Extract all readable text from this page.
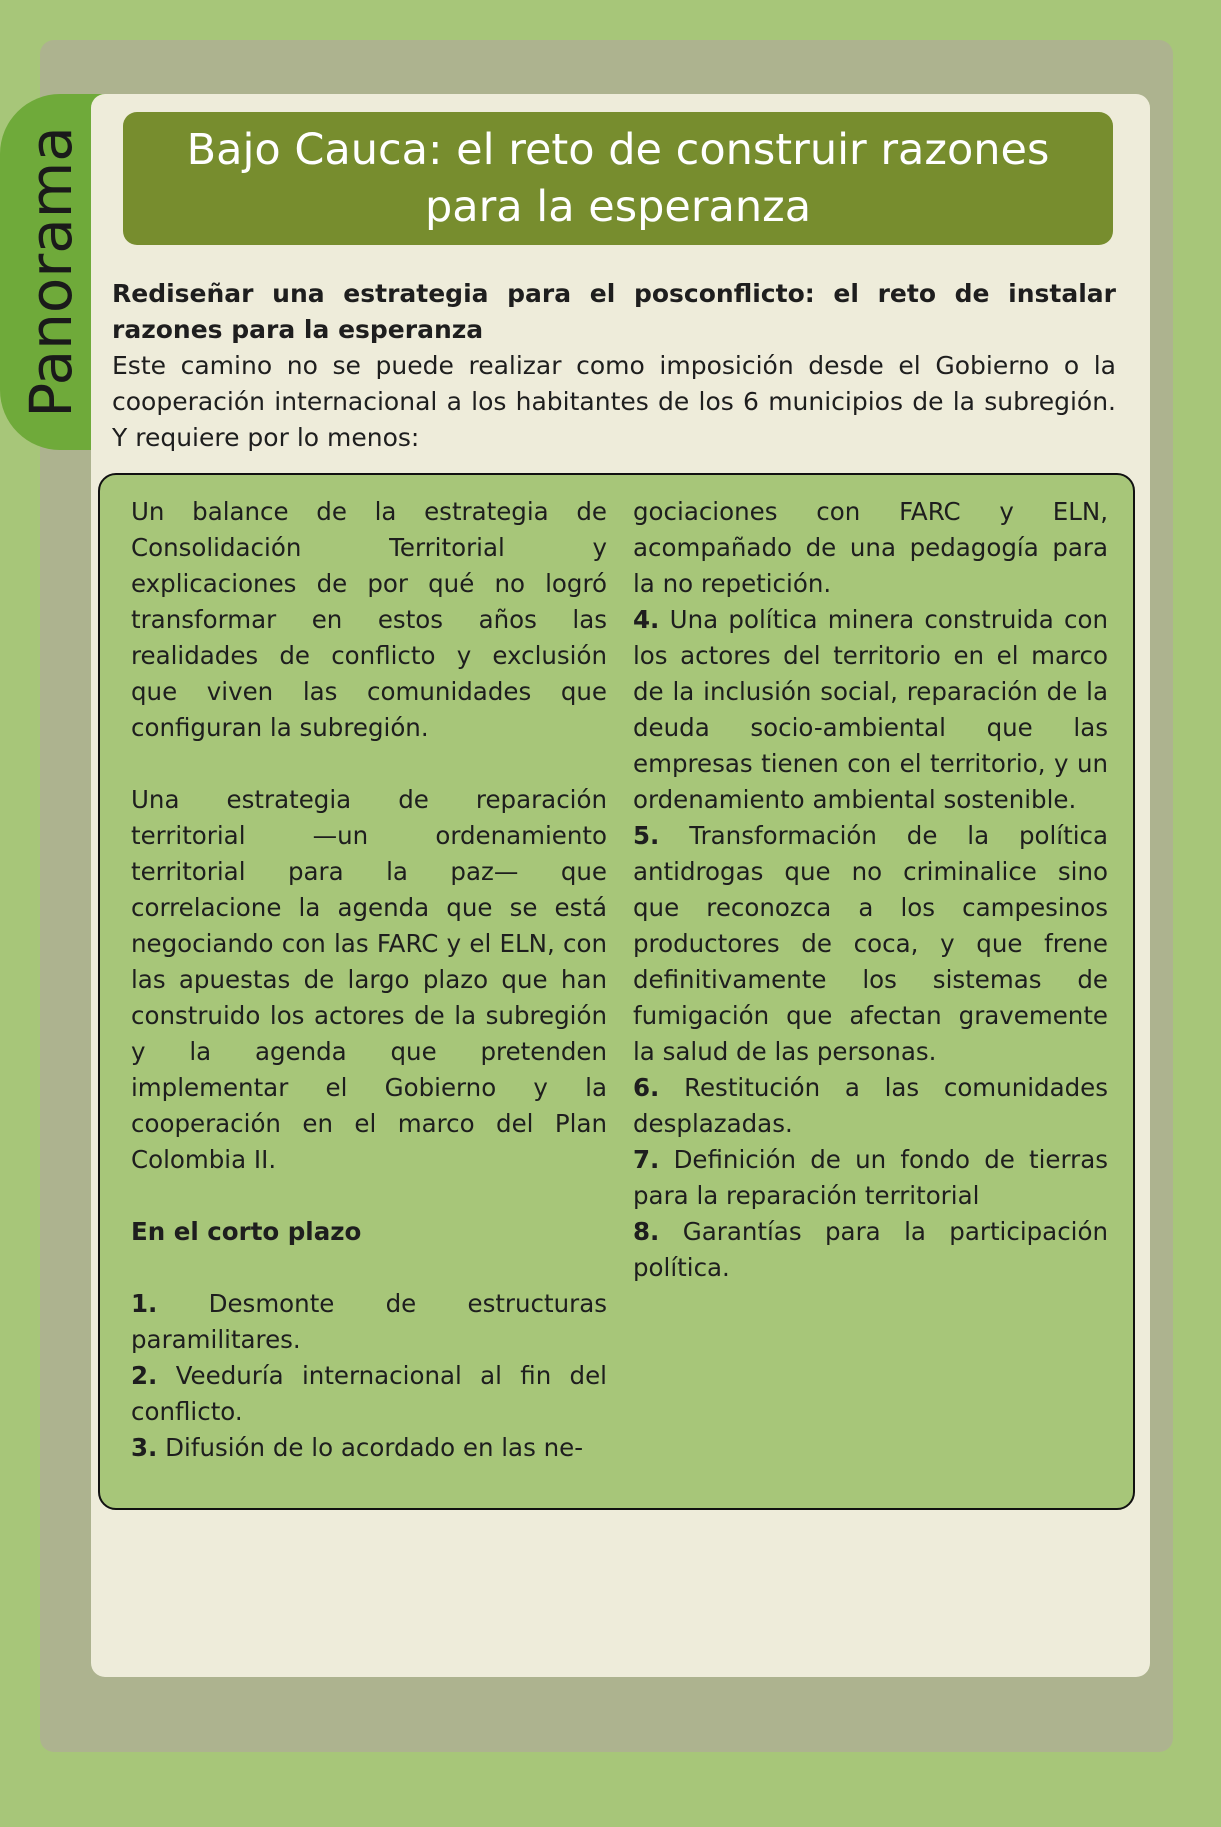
Panorama	Bajo Cauca: el reto de construir razones para la esperanza
Rediseñar una estrategia para el posconflicto: el reto de instalar razones para la esperanza
Este camino no se puede realizar como imposición desde el Gobierno o la cooperación internacional a los habitantes de los 6 municipios de la subregión. Y requiere por lo menos:

Un balance de la estrategia de Consolidación Territorial y explicaciones de por qué no logró transformar en estos años las realidades de conflicto y exclusión que viven las comunidades que configuran la subregión.

Una estrategia de reparación territorial —un ordenamiento territorial para la paz— que correlacione la agenda que se está negociando con las FARC y el ELN, con las apuestas de largo plazo que han construido los actores de la subregión y la agenda que pretenden implementar el Gobierno y la cooperación en el marco del Plan Colombia II.

En el corto plazo

1. Desmonte de estructuras paramilitares.

2. Veeduría internacional al fin del conflicto.

3. Difusión de lo acordado en las ne-

gociaciones con FARC y ELN, acompañado de una pedagogía para la no repetición.

4. Una política minera construida con los actores del territorio en el marco de la inclusión social, reparación de la deuda socio-ambiental que las empresas tienen con el territorio, y un ordenamiento ambiental sostenible.

5. Transformación de la política antidrogas que no criminalice sino que reconozca a los campesinos productores de coca, y que frene definitivamente los sistemas de fumigación que afectan gravemente la salud de las personas.

6. Restitución a las comunidades desplazadas.

7. Definición de un fondo de tierras para la reparación territorial

8. Garantías para la participación política.
